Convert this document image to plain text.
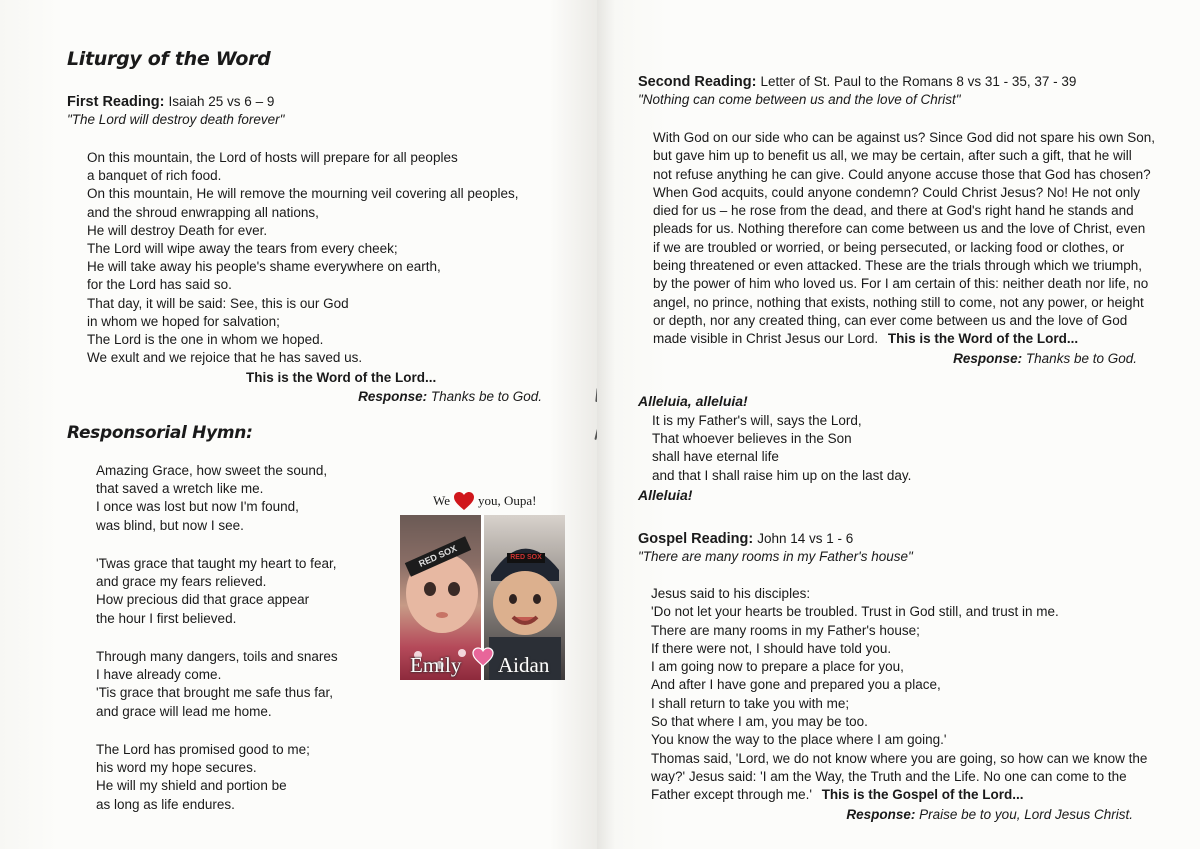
Liturgy of the Word
First Reading: Isaiah 25 vs 6 – 9
"The Lord will destroy death forever"
On this mountain, the Lord of hosts will prepare for all peoples
a banquet of rich food.
On this mountain, He will remove the mourning veil covering all peoples,
and the shroud enwrapping all nations,
He will destroy Death for ever.
The Lord will wipe away the tears from every cheek;
He will take away his people's shame everywhere on earth,
for the Lord has said so.
That day, it will be said: See, this is our God
in whom we hoped for salvation;
The Lord is the one in whom we hoped.
We exult and we rejoice that he has saved us.
This is the Word of the Lord...
Response: Thanks be to God.
Responsorial Hymn:
Amazing Grace, how sweet the sound,
that saved a wretch like me.
I once was lost but now I'm found,
was blind, but now I see.
'Twas grace that taught my heart to fear,
and grace my fears relieved.
How precious did that grace appear
the hour I first believed.
Through many dangers, toils and snares
I have already come.
'Tis grace that brought me safe thus far,
and grace will lead me home.
The Lord has promised good to me;
his word my hope secures.
He will my shield and portion be
as long as life endures.
We you, Oupa!
RED SOX	RED SOX
Emily Aidan
Second Reading: Letter of St. Paul to the Romans 8 vs 31 - 35, 37 - 39
"Nothing can come between us and the love of Christ"
With God on our side who can be against us? Since God did not spare his own Son,
but gave him up to benefit us all, we may be certain, after such a gift, that he will
not refuse anything he can give. Could anyone accuse those that God has chosen?
When God acquits, could anyone condemn? Could Christ Jesus? No! He not only
died for us – he rose from the dead, and there at God's right hand he stands and
pleads for us. Nothing therefore can come between us and the love of Christ, even
if we are troubled or worried, or being persecuted, or lacking food or clothes, or
being threatened or even attacked. These are the trials through which we triumph,
by the power of him who loved us. For I am certain of this: neither death nor life, no
angel, no prince, nothing that exists, nothing still to come, not any power, or height
or depth, nor any created thing, can ever come between us and the love of God
made visible in Christ Jesus our Lord. This is the Word of the Lord...
Response: Thanks be to God.
Alleluia, alleluia!
It is my Father's will, says the Lord,
That whoever believes in the Son
shall have eternal life
and that I shall raise him up on the last day.
Alleluia!
Gospel Reading: John 14 vs 1 - 6
"There are many rooms in my Father's house"
Jesus said to his disciples:
'Do not let your hearts be troubled. Trust in God still, and trust in me.
There are many rooms in my Father's house;
If there were not, I should have told you.
I am going now to prepare a place for you,
And after I have gone and prepared you a place,
I shall return to take you with me;
So that where I am, you may be too.
You know the way to the place where I am going.'
Thomas said, 'Lord, we do not know where you are going, so how can we know the
way?' Jesus said: 'I am the Way, the Truth and the Life. No one can come to the
Father except through me.' This is the Gospel of the Lord...
Response: Praise be to you, Lord Jesus Christ.
